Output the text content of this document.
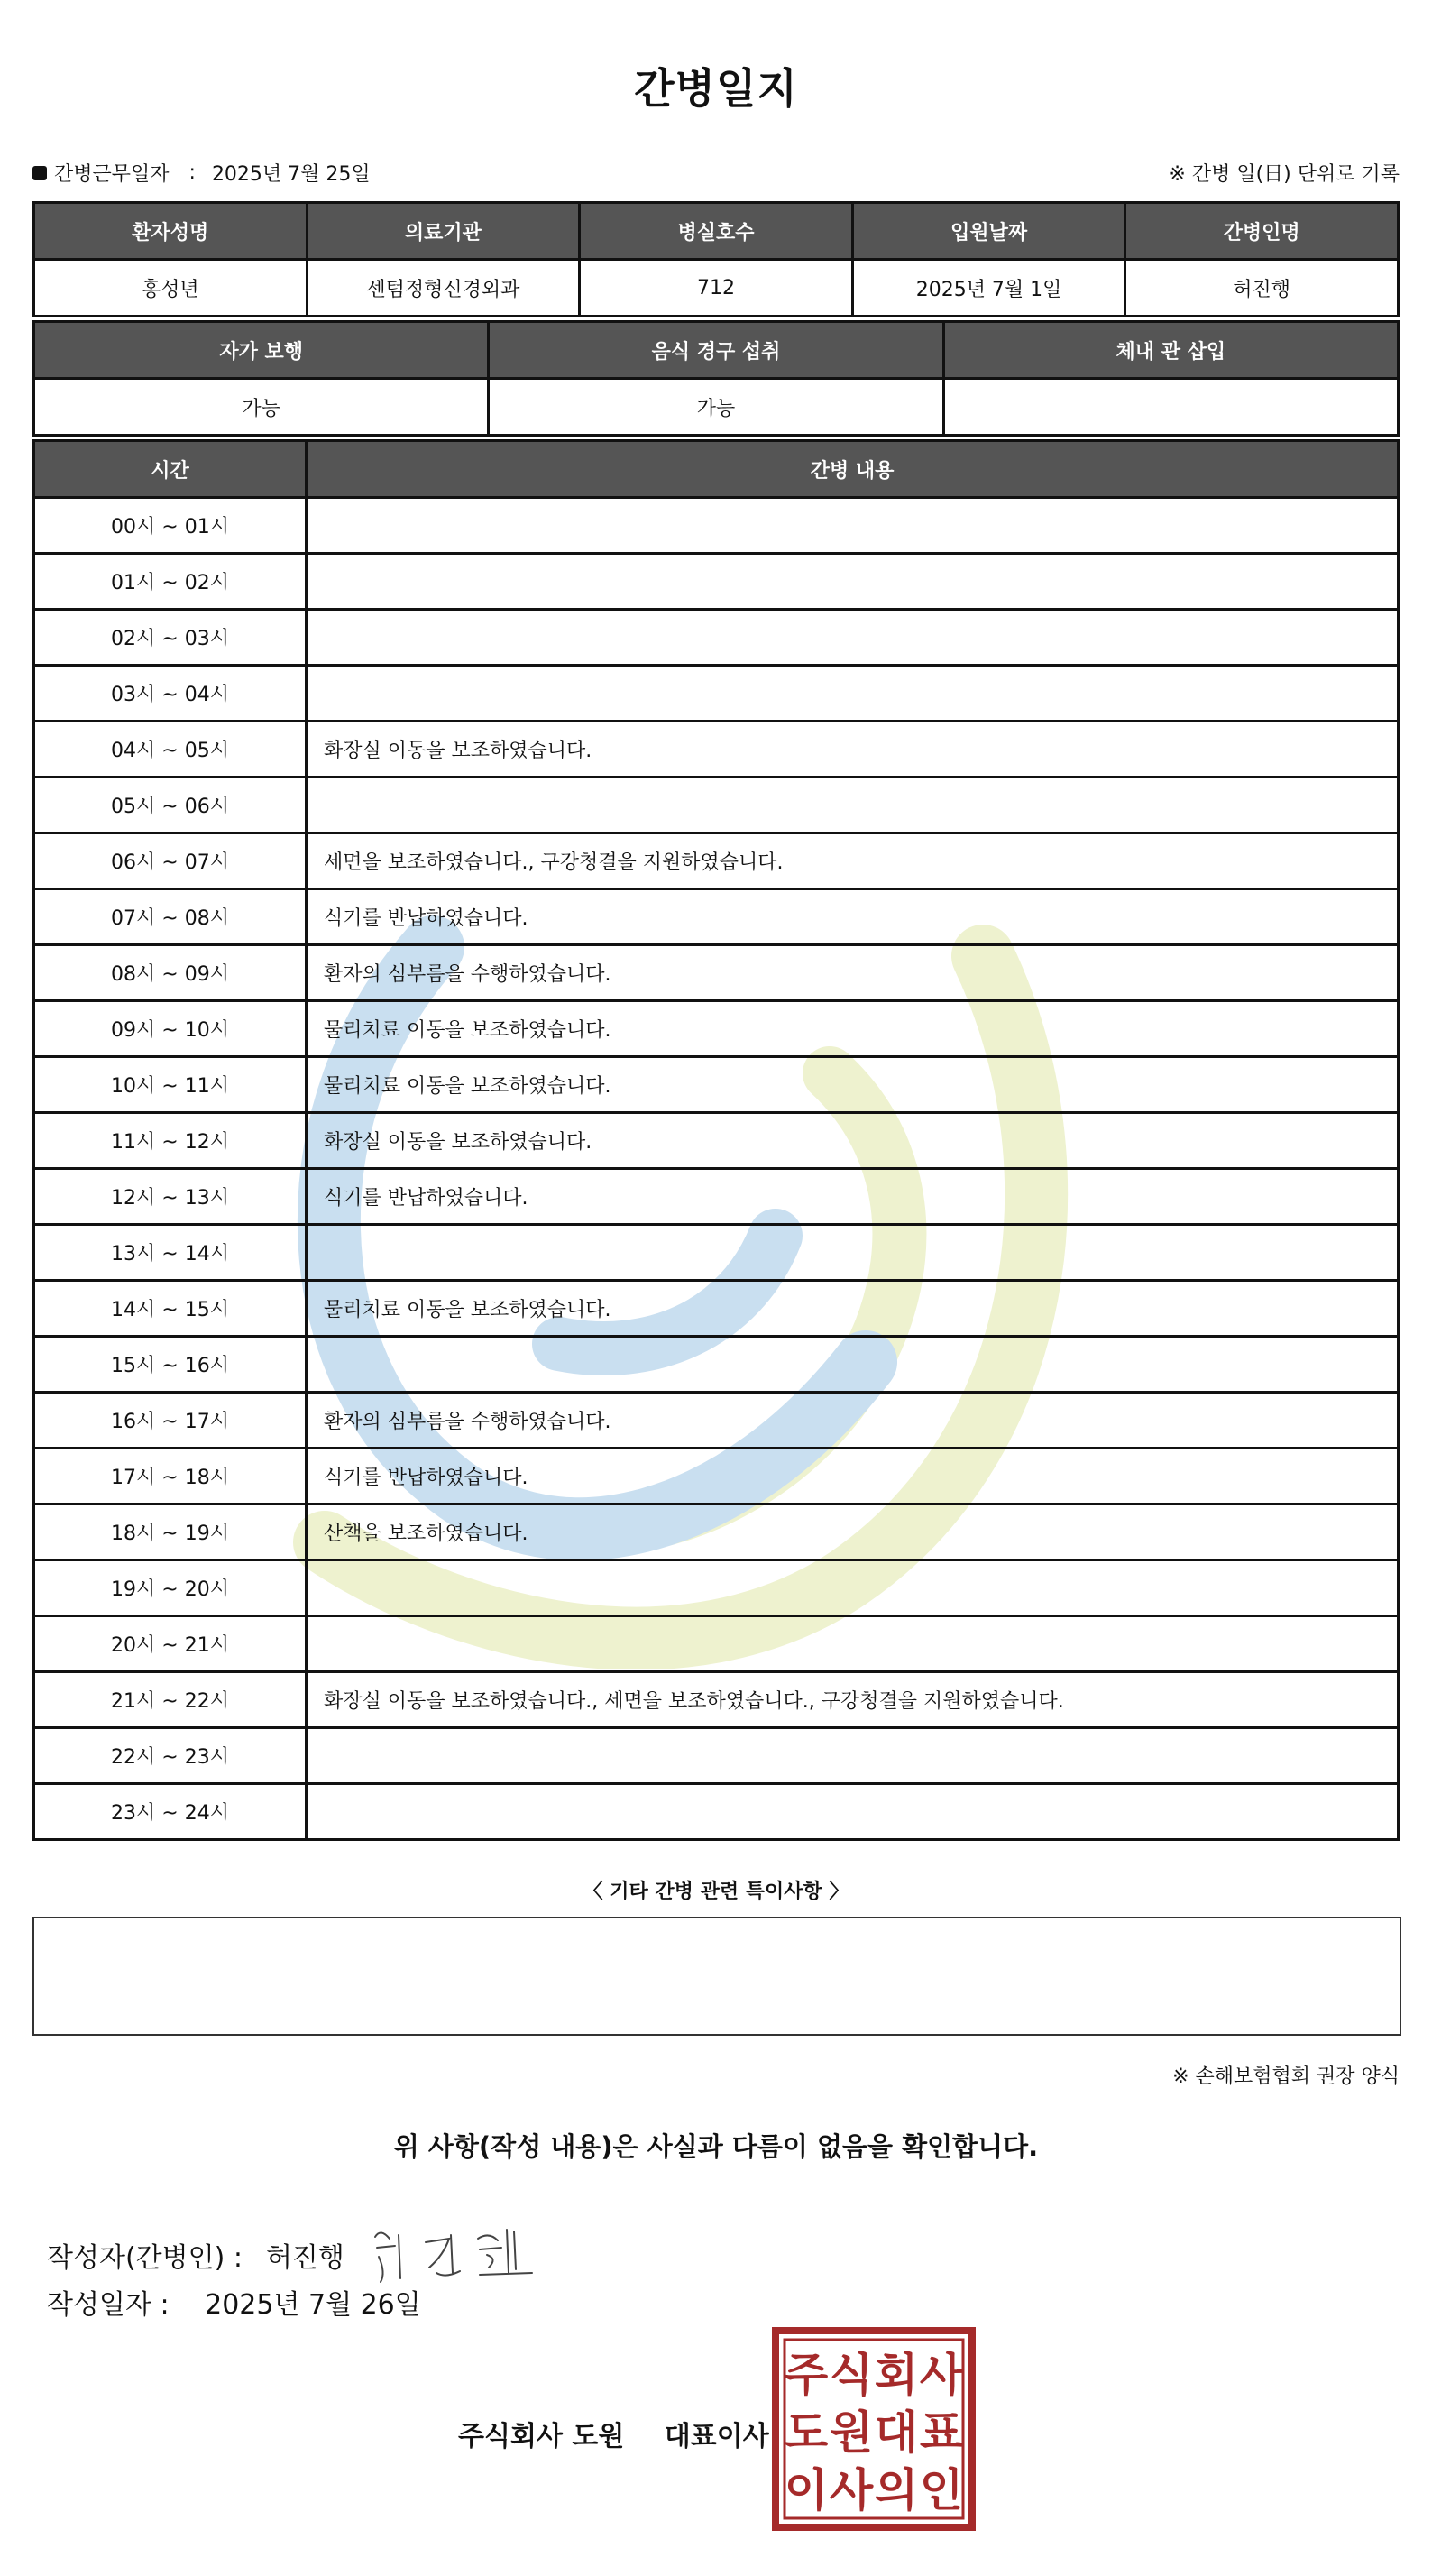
간병일지
간병근무일자 : 2025년 7월 25일	※ 간병 일(日) 단위로 기록
환자성명	의료기관	병실호수	입원날짜	간병인명
홍성년	센텀정형신경외과	712	2025년 7월 1일	허진행
자가 보행	음식 경구 섭취	체내 관 삽입
가능	가능	
시간	간병 내용
00시 ~ 01시	
01시 ~ 02시	
02시 ~ 03시	
03시 ~ 04시	
04시 ~ 05시	화장실 이동을 보조하였습니다.
05시 ~ 06시	
06시 ~ 07시	세면을 보조하였습니다., 구강청결을 지원하였습니다.
07시 ~ 08시	식기를 반납하였습니다.
08시 ~ 09시	환자의 심부름을 수행하였습니다.
09시 ~ 10시	물리치료 이동을 보조하였습니다.
10시 ~ 11시	물리치료 이동을 보조하였습니다.
11시 ~ 12시	화장실 이동을 보조하였습니다.
12시 ~ 13시	식기를 반납하였습니다.
13시 ~ 14시	
14시 ~ 15시	물리치료 이동을 보조하였습니다.
15시 ~ 16시	
16시 ~ 17시	환자의 심부름을 수행하였습니다.
17시 ~ 18시	식기를 반납하였습니다.
18시 ~ 19시	산책을 보조하였습니다.
19시 ~ 20시	
20시 ~ 21시	
21시 ~ 22시	화장실 이동을 보조하였습니다., 세면을 보조하였습니다., 구강청결을 지원하였습니다.
22시 ~ 23시	
23시 ~ 24시	
〈 기타 간병 관련 특이사항 〉
※ 손해보험협회 권장 양식
위 사항(작성 내용)은 사실과 다름이 없음을 확인합니다.
작성자(간병인) : 허진행
작성일자 : 2025년 7월 26일
주식회사 도원 대표이사
주 식 회 사
도 원 대 표
이 사 의 인
